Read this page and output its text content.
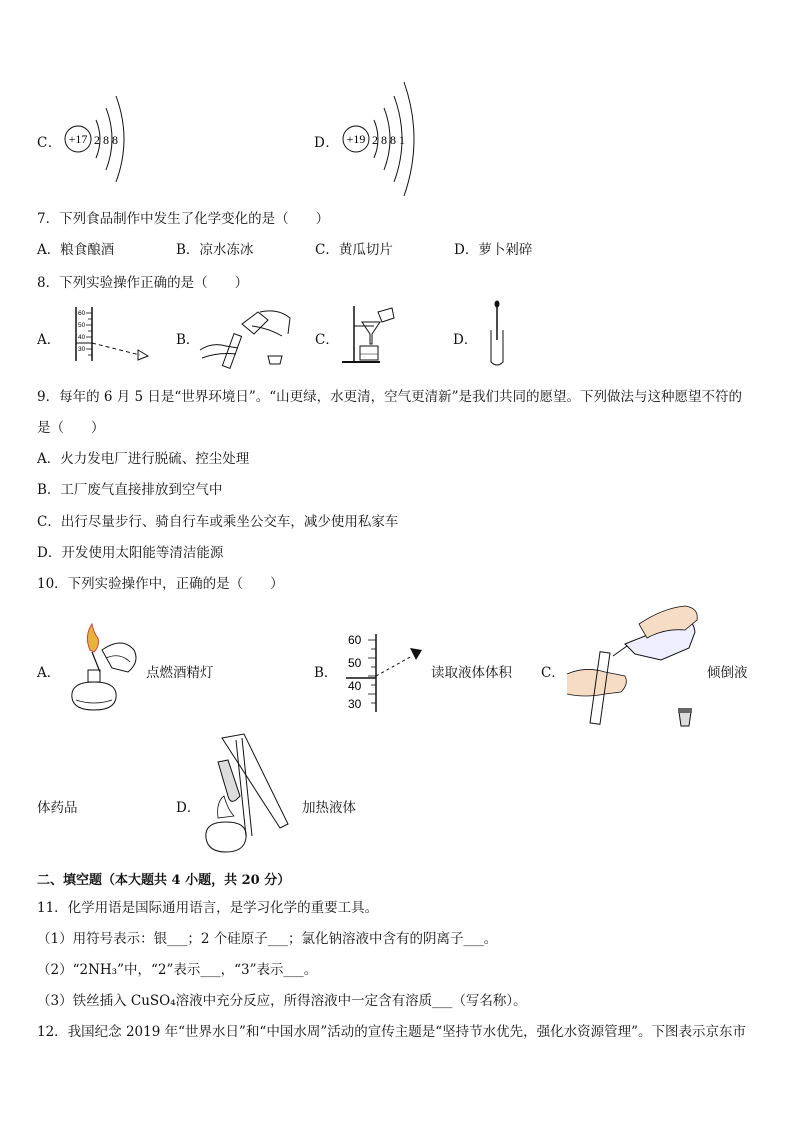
C． +17 2 8 8	D． +19 2 8 8 1
7．下列食品制作中发生了化学变化的是（　　）
A．粮食酿酒	B．凉水冻冰	C．黄瓜切片	D．萝卜剁碎
8．下列实验操作正确的是（　　）
A．
60
50
40
30
B．	C．	D．
9．每年的 6 月 5 日是“世界环境日”。“山更绿，水更清，空气更清新”是我们共同的愿望。下列做法与这种愿望不符的
是（　　）
A．火力发电厂进行脱硫、控尘处理
B．工厂废气直接排放到空气中
C．出行尽量步行、骑自行车或乘坐公交车，减少使用私家车
D．开发使用太阳能等清洁能源
10．下列实验操作中，正确的是（　　）
A．	点燃酒精灯	B．
60
50
40
30
读取液体体积 C．	倾倒液
体药品	D．	加热液体
二、填空题（本大题共 4 小题，共 20 分）
11．化学用语是国际通用语言，是学习化学的重要工具。
（1）用符号表示：银___；2 个硅原子___；氯化钠溶液中含有的阴离子___。
（2）“2NH₃”中，“2”表示___，“3”表示___。
（3）铁丝插入 CuSO₄溶液中充分反应，所得溶液中一定含有溶质___（写名称）。
12．我国纪念 2019 年“世界水日”和“中国水周”活动的宣传主题是“坚持节水优先，强化水资源管理”。下图表示京东市
